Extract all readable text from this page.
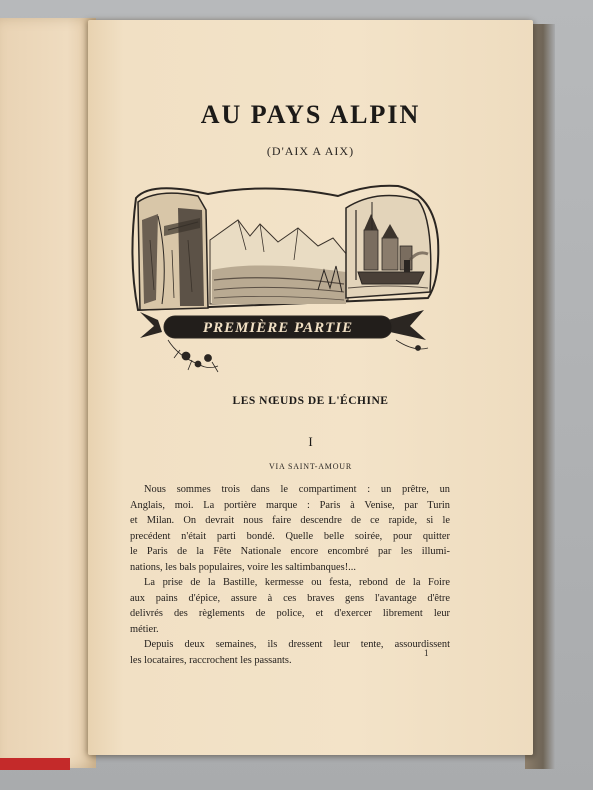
AU PAYS ALPIN
(D'AIX A AIX)
PREMIÈRE PARTIE
LES NŒUDS DE L'ÉCHINE
I
VIA SAINT-AMOUR

Nous sommes trois dans le compartiment : un prêtre, un
Anglais, moi. La portière marque : Paris à Venise, par Turin
et Milan. On devrait nous faire descendre de ce rapide, si le
precédent n'était parti bondé. Quelle belle soirée, pour quitter
le Paris de la Fête Nationale encore encombré par les illumi-
nations, les bals populaires, voire les saltimbanques!...

La prise de la Bastille, kermesse ou festa, rebond de la Foire
aux pains d'épice, assure à ces braves gens l'avantage d'être
delivrés des règlements de police, et d'exercer librement leur
métier.

Depuis deux semaines, ils dressent leur tente, assourdissent
les locataires, raccrochent les passants.

1
